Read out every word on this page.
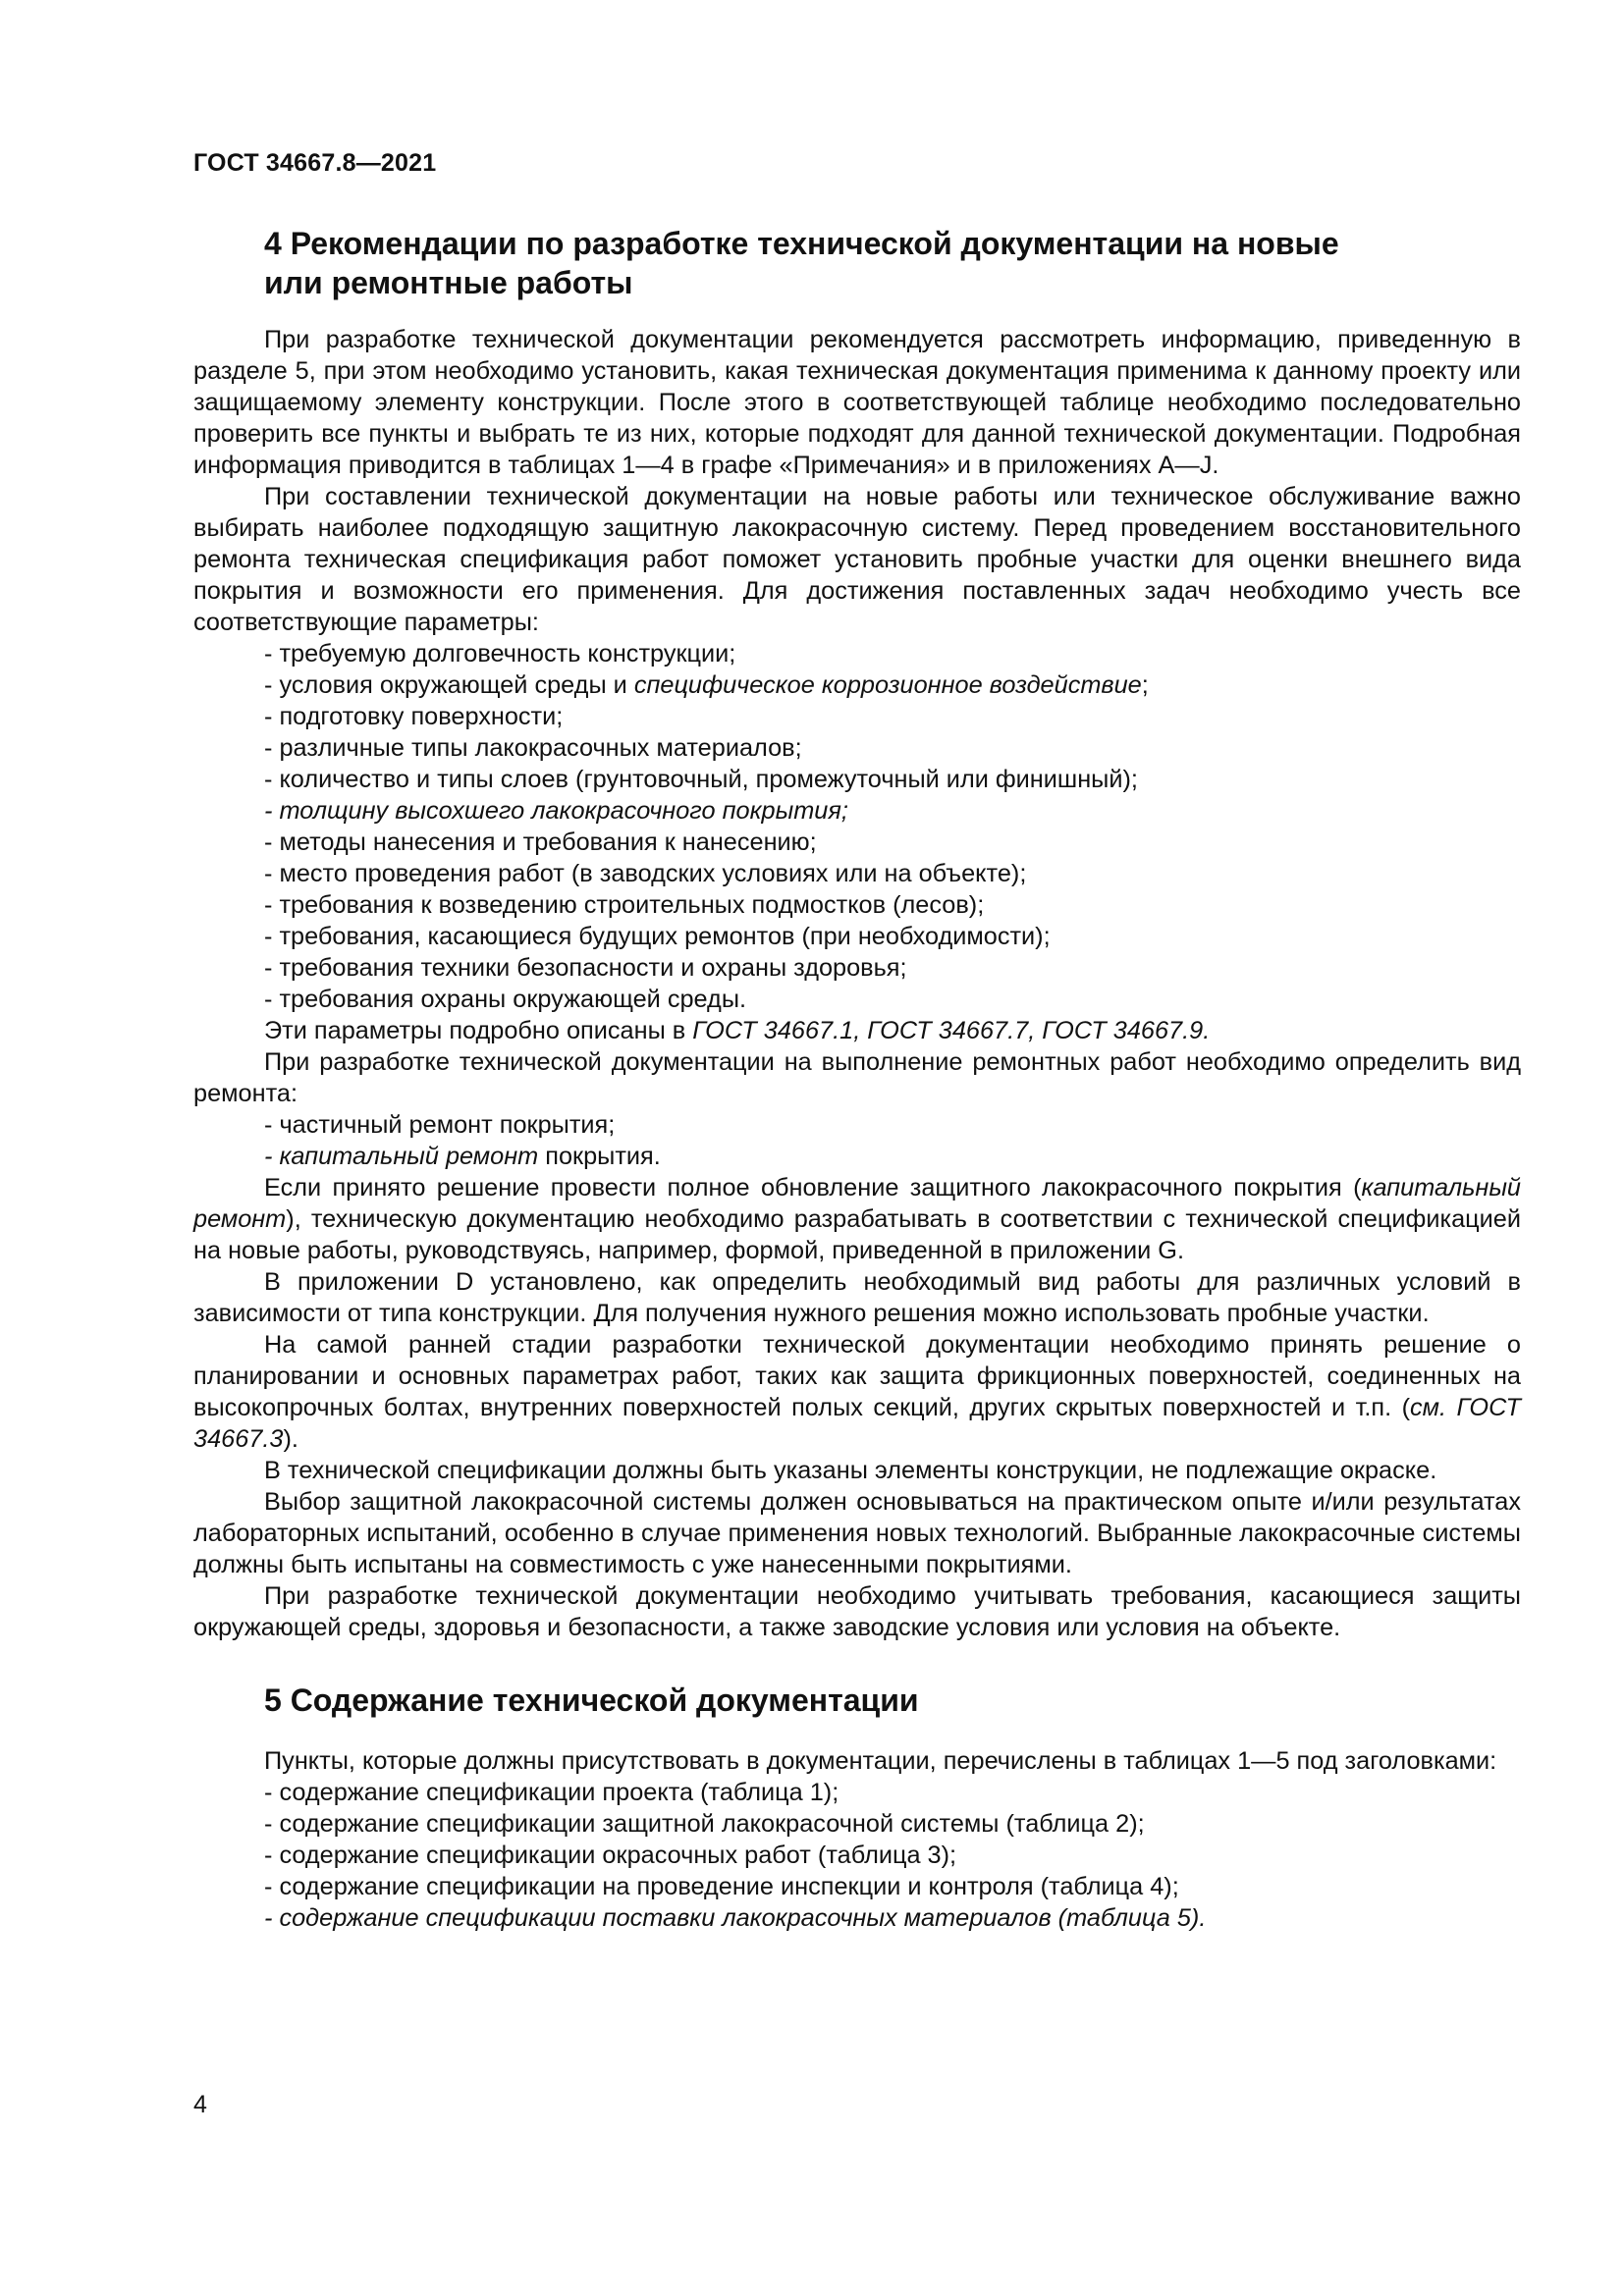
ГОСТ 34667.8—2021
4 Рекомендации по разработке технической документации на новые
или ремонтные работы

При разработке технической документации рекомендуется рассмотреть информацию, приведенную в разделе 5, при этом необходимо установить, какая техническая документация применима к данному проекту или защищаемому элементу конструкции. После этого в соответствующей таблице необходимо последовательно проверить все пункты и выбрать те из них, которые подходят для данной технической документации. Подробная информация приводится в таблицах 1—4 в графе «Примечания» и в приложениях A—J.

При составлении технической документации на новые работы или техническое обслуживание важно выбирать наиболее подходящую защитную лакокрасочную систему. Перед проведением восстановительного ремонта техническая спецификация работ поможет установить пробные участки для оценки внешнего вида покрытия и возможности его применения. Для достижения поставленных задач необходимо учесть все соответствующие параметры:

- требуемую долговечность конструкции;
- условия окружающей среды и специфическое коррозионное воздействие;
- подготовку поверхности;
- различные типы лакокрасочных материалов;
- количество и типы слоев (грунтовочный, промежуточный или финишный);
- толщину высохшего лакокрасочного покрытия;
- методы нанесения и требования к нанесению;
- место проведения работ (в заводских условиях или на объекте);
- требования к возведению строительных подмостков (лесов);
- требования, касающиеся будущих ремонтов (при необходимости);
- требования техники безопасности и охраны здоровья;
- требования охраны окружающей среды.

Эти параметры подробно описаны в ГОСТ 34667.1, ГОСТ 34667.7, ГОСТ 34667.9.

При разработке технической документации на выполнение ремонтных работ необходимо определить вид ремонта:

- частичный ремонт покрытия;
- капитальный ремонт покрытия.

Если принято решение провести полное обновление защитного лакокрасочного покрытия (капитальный ремонт), техническую документацию необходимо разрабатывать в соответствии с технической спецификацией на новые работы, руководствуясь, например, формой, приведенной в приложении G.

В приложении D установлено, как определить необходимый вид работы для различных условий в зависимости от типа конструкции. Для получения нужного решения можно использовать пробные участки.

На самой ранней стадии разработки технической документации необходимо принять решение о планировании и основных параметрах работ, таких как защита фрикционных поверхностей, соединенных на высокопрочных болтах, внутренних поверхностей полых секций, других скрытых поверхностей и т.п. (см. ГОСТ 34667.3).

В технической спецификации должны быть указаны элементы конструкции, не подлежащие окраске.

Выбор защитной лакокрасочной системы должен основываться на практическом опыте и/или результатах лабораторных испытаний, особенно в случае применения новых технологий. Выбранные лакокрасочные системы должны быть испытаны на совместимость с уже нанесенными покрытиями.

При разработке технической документации необходимо учитывать требования, касающиеся защиты окружающей среды, здоровья и безопасности, а также заводские условия или условия на объекте.

5 Содержание технической документации

Пункты, которые должны присутствовать в документации, перечислены в таблицах 1—5 под заголовками:

- содержание спецификации проекта (таблица 1);
- содержание спецификации защитной лакокрасочной системы (таблица 2);
- содержание спецификации окрасочных работ (таблица 3);
- содержание спецификации на проведение инспекции и контроля (таблица 4);
- содержание спецификации поставки лакокрасочных материалов (таблица 5).
4
